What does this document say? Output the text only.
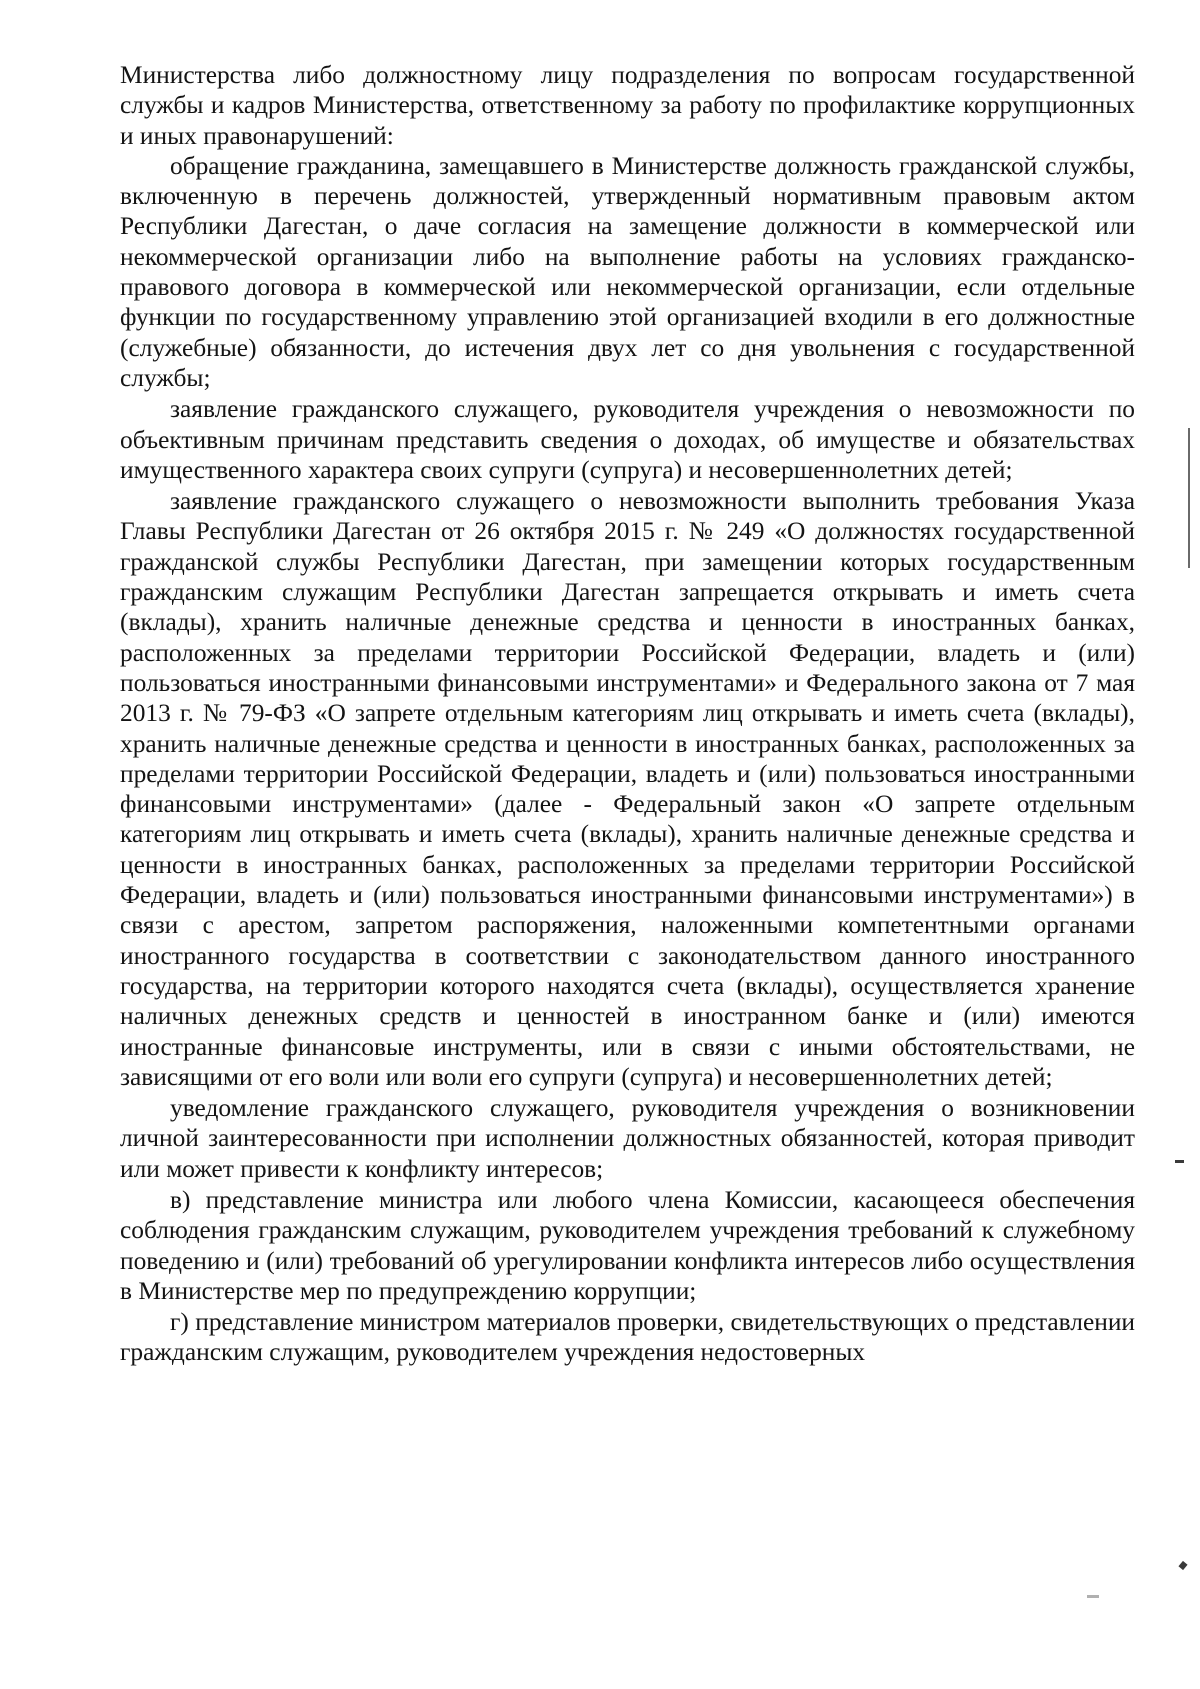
Министерства либо должностному лицу подразделения по вопросам государственной службы и кадров Министерства, ответственному за работу по профилактике коррупционных и иных правонарушений:

обращение гражданина, замещавшего в Министерстве должность гражданской службы, включенную в перечень должностей, утвержденный нормативным правовым актом Республики Дагестан, о даче согласия на замещение должности в коммерческой или некоммерческой организации либо на выполнение работы на условиях гражданско-правового договора в коммерческой или некоммерческой организации, если отдельные функции по государственному управлению этой организацией входили в его должностные (служебные) обязанности, до истечения двух лет со дня увольнения с государственной службы;

заявление гражданского служащего, руководителя учреждения о невозможности по объективным причинам представить сведения о доходах, об имуществе и обязательствах имущественного характера своих супруги (супруга) и несовершеннолетних детей;

заявление гражданского служащего о невозможности выполнить требования Указа Главы Республики Дагестан от 26 октября 2015 г. № 249 «О должностях государственной гражданской службы Республики Дагестан, при замещении которых государственным гражданским служащим Республики Дагестан запрещается открывать и иметь счета (вклады), хранить наличные денежные средства и ценности в иностранных банках, расположенных за пределами территории Российской Федерации, владеть и (или) пользоваться иностранными финансовыми инструментами» и Федерального закона от 7 мая 2013 г. № 79-ФЗ «О запрете отдельным категориям лиц открывать и иметь счета (вклады), хранить наличные денежные средства и ценности в иностранных банках, расположенных за пределами территории Российской Федерации, владеть и (или) пользоваться иностранными финансовыми инструментами» (далее - Федеральный закон «О запрете отдельным категориям лиц открывать и иметь счета (вклады), хранить наличные денежные средства и ценности в иностранных банках, расположенных за пределами территории Российской Федерации, владеть и (или) пользоваться иностранными финансовыми инструментами») в связи с арестом, запретом распоряжения, наложенными компетентными органами иностранного государства в соответствии с законодательством данного иностранного государства, на территории которого находятся счета (вклады), осуществляется хранение наличных денежных средств и ценностей в иностранном банке и (или) имеются иностранные финансовые инструменты, или в связи с иными обстоятельствами, не зависящими от его воли или воли его супруги (супруга) и несовершеннолетних детей;

уведомление гражданского служащего, руководителя учреждения о возникновении личной заинтересованности при исполнении должностных обязанностей, которая приводит или может привести к конфликту интересов;

в) представление министра или любого члена Комиссии, касающееся обеспечения соблюдения гражданским служащим, руководителем учреждения требований к служебному поведению и (или) требований об урегулировании конфликта интересов либо осуществления в Министерстве мер по предупреждению коррупции;

г) представление министром материалов проверки, свидетельствующих о представлении гражданским служащим, руководителем учреждения недостоверных
